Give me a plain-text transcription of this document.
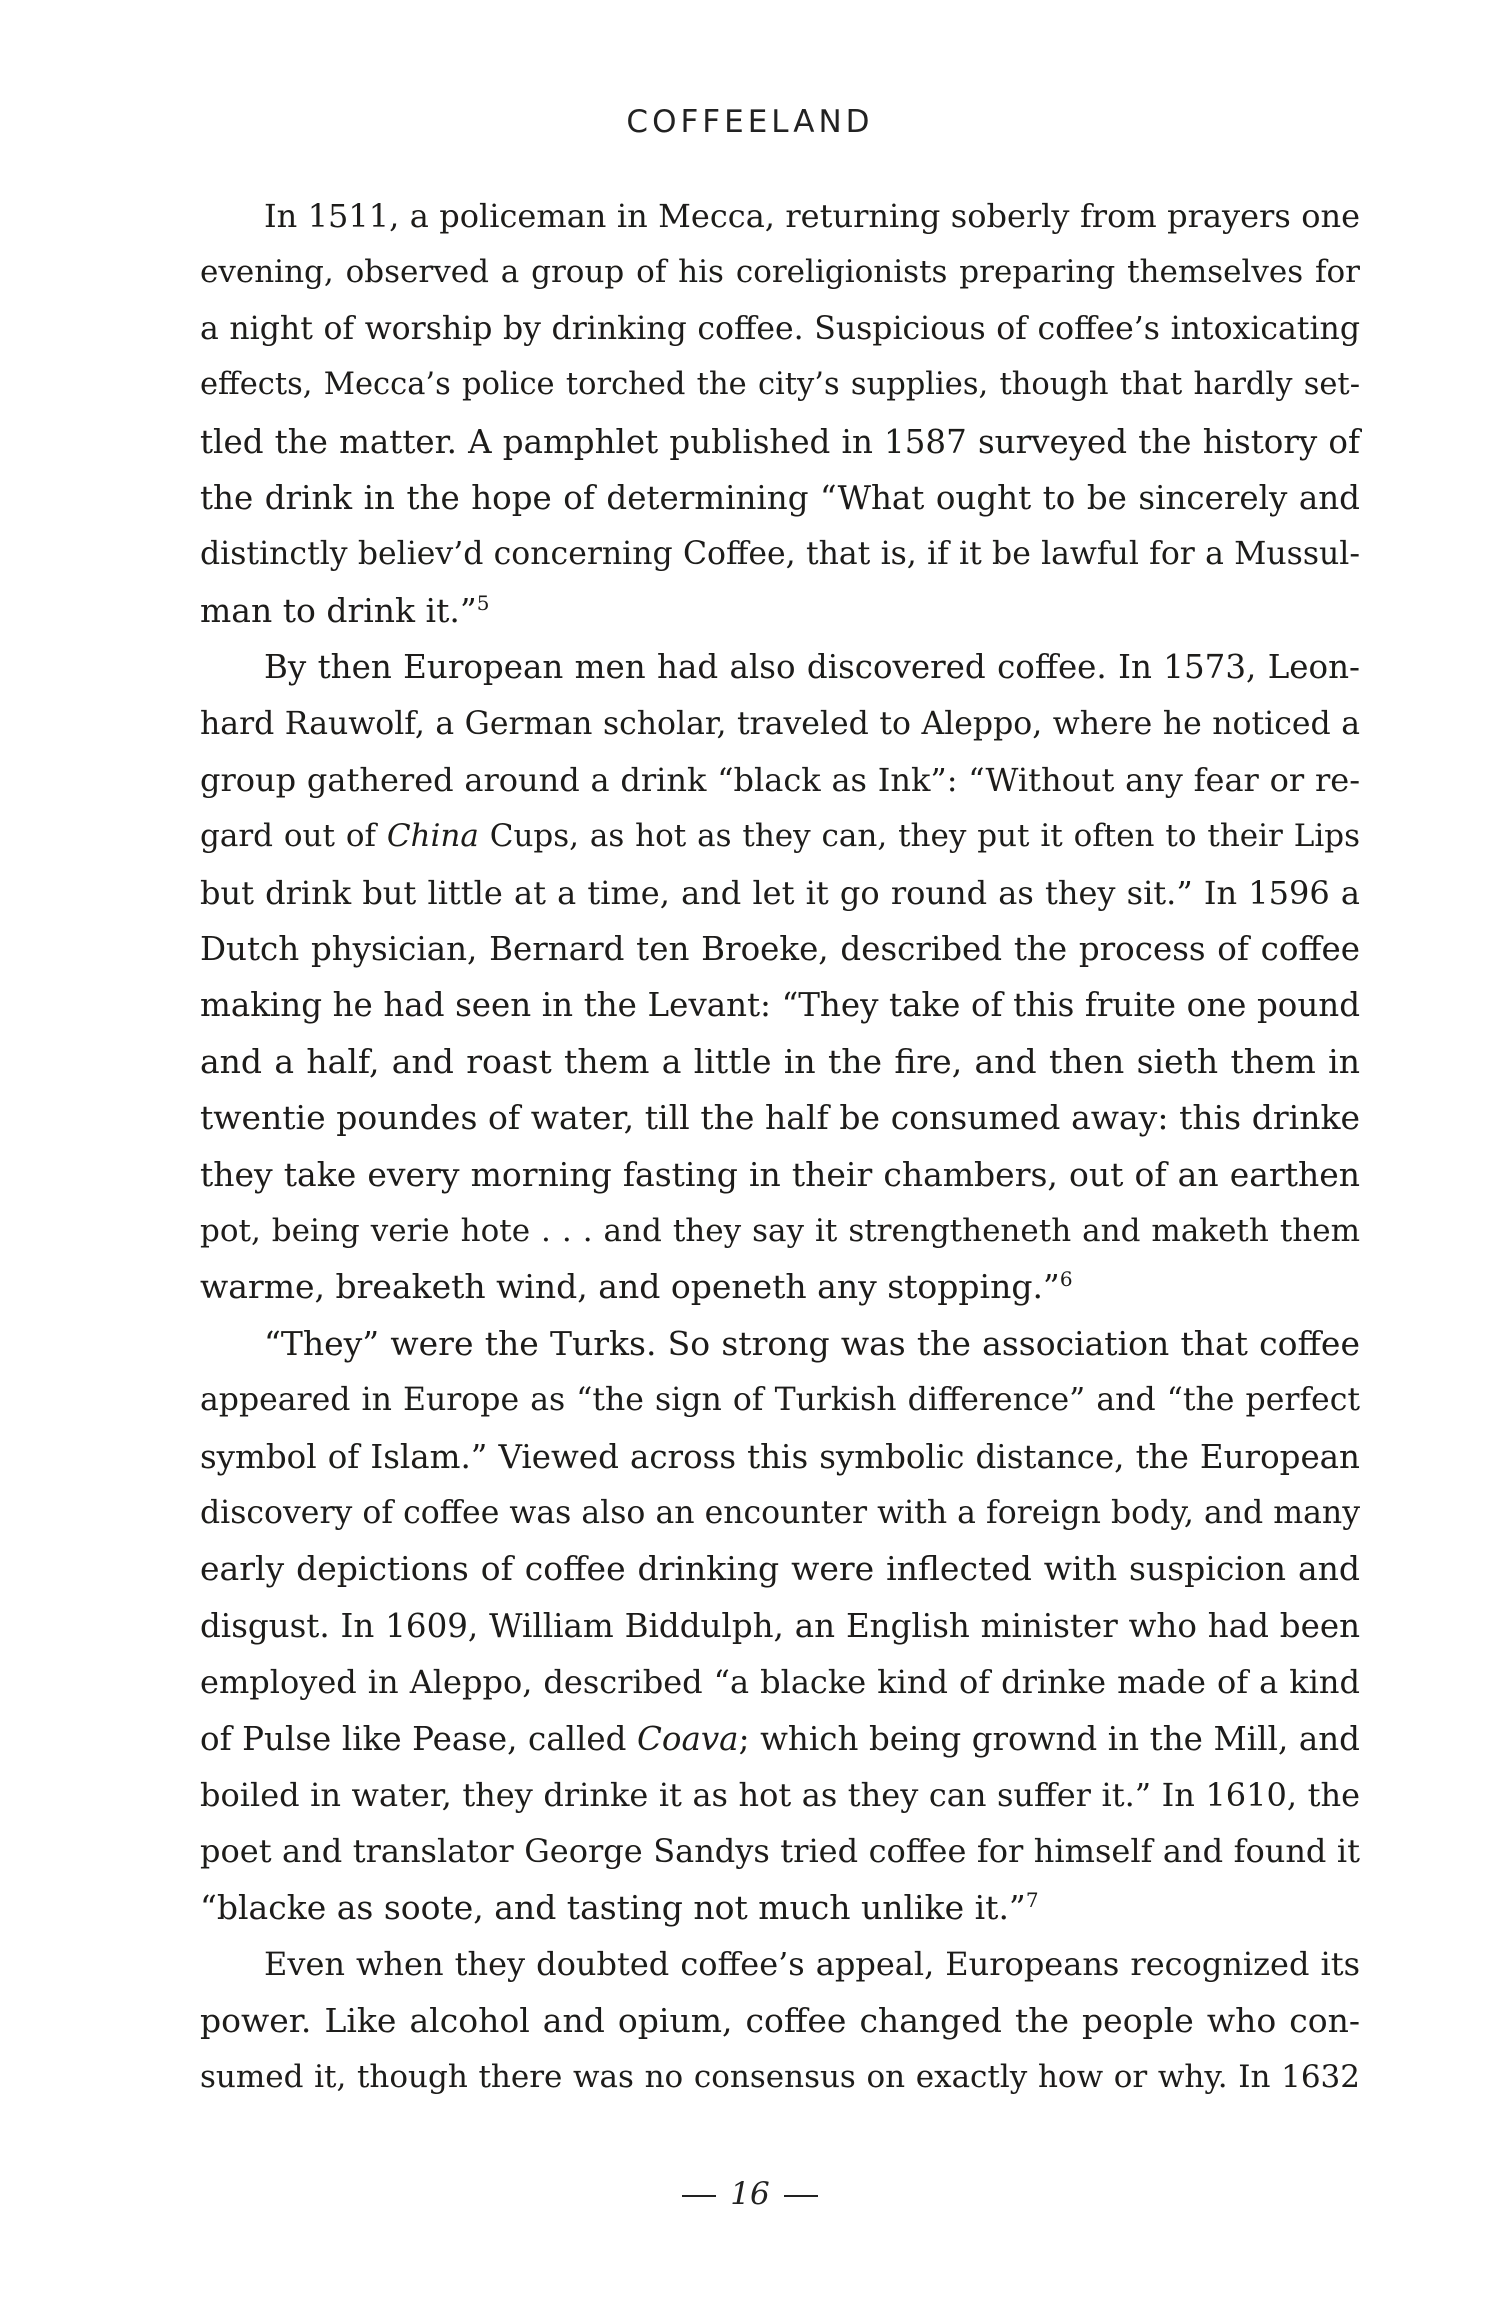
COFFEELAND
In 1511, a policeman in Mecca, returning soberly from prayers one
evening, observed a group of his coreligionists preparing themselves for
a night of worship by drinking coffee. Suspicious of coffee’s intoxicating
effects, Mecca’s police torched the city’s supplies, though that hardly set-
tled the matter. A pamphlet published in 1587 surveyed the history of
the drink in the hope of determining “What ought to be sincerely and
distinctly believ’d concerning Coffee, that is, if it be lawful for a Mussul-
man to drink it.”$^5$
By then European men had also discovered coffee. In 1573, Leon-
hard Rauwolf, a German scholar, traveled to Aleppo, where he noticed a
group gathered around a drink “black as Ink”: “Without any fear or re-
gard out of China Cups, as hot as they can, they put it often to their Lips
but drink but little at a time, and let it go round as they sit.” In 1596 a
Dutch physician, Bernard ten Broeke, described the process of coffee
making he had seen in the Levant: “They take of this fruite one pound
and a half, and roast them a little in the fire, and then sieth them in
twentie poundes of water, till the half be consumed away: this drinke
they take every morning fasting in their chambers, out of an earthen
pot, being verie hote . . . and they say it strengtheneth and maketh them
warme, breaketh wind, and openeth any stopping.”$^6$
“They” were the Turks. So strong was the association that coffee
appeared in Europe as “the sign of Turkish difference” and “the perfect
symbol of Islam.” Viewed across this symbolic distance, the European
discovery of coffee was also an encounter with a foreign body, and many
early depictions of coffee drinking were inflected with suspicion and
disgust. In 1609, William Biddulph, an English minister who had been
employed in Aleppo, described “a blacke kind of drinke made of a kind
of Pulse like Pease, called Coava; which being grownd in the Mill, and
boiled in water, they drinke it as hot as they can suffer it.” In 1610, the
poet and translator George Sandys tried coffee for himself and found it
“blacke as soote, and tasting not much unlike it.”$^7$
Even when they doubted coffee’s appeal, Europeans recognized its
power. Like alcohol and opium, coffee changed the people who con-
sumed it, though there was no consensus on exactly how or why. In 1632
16
